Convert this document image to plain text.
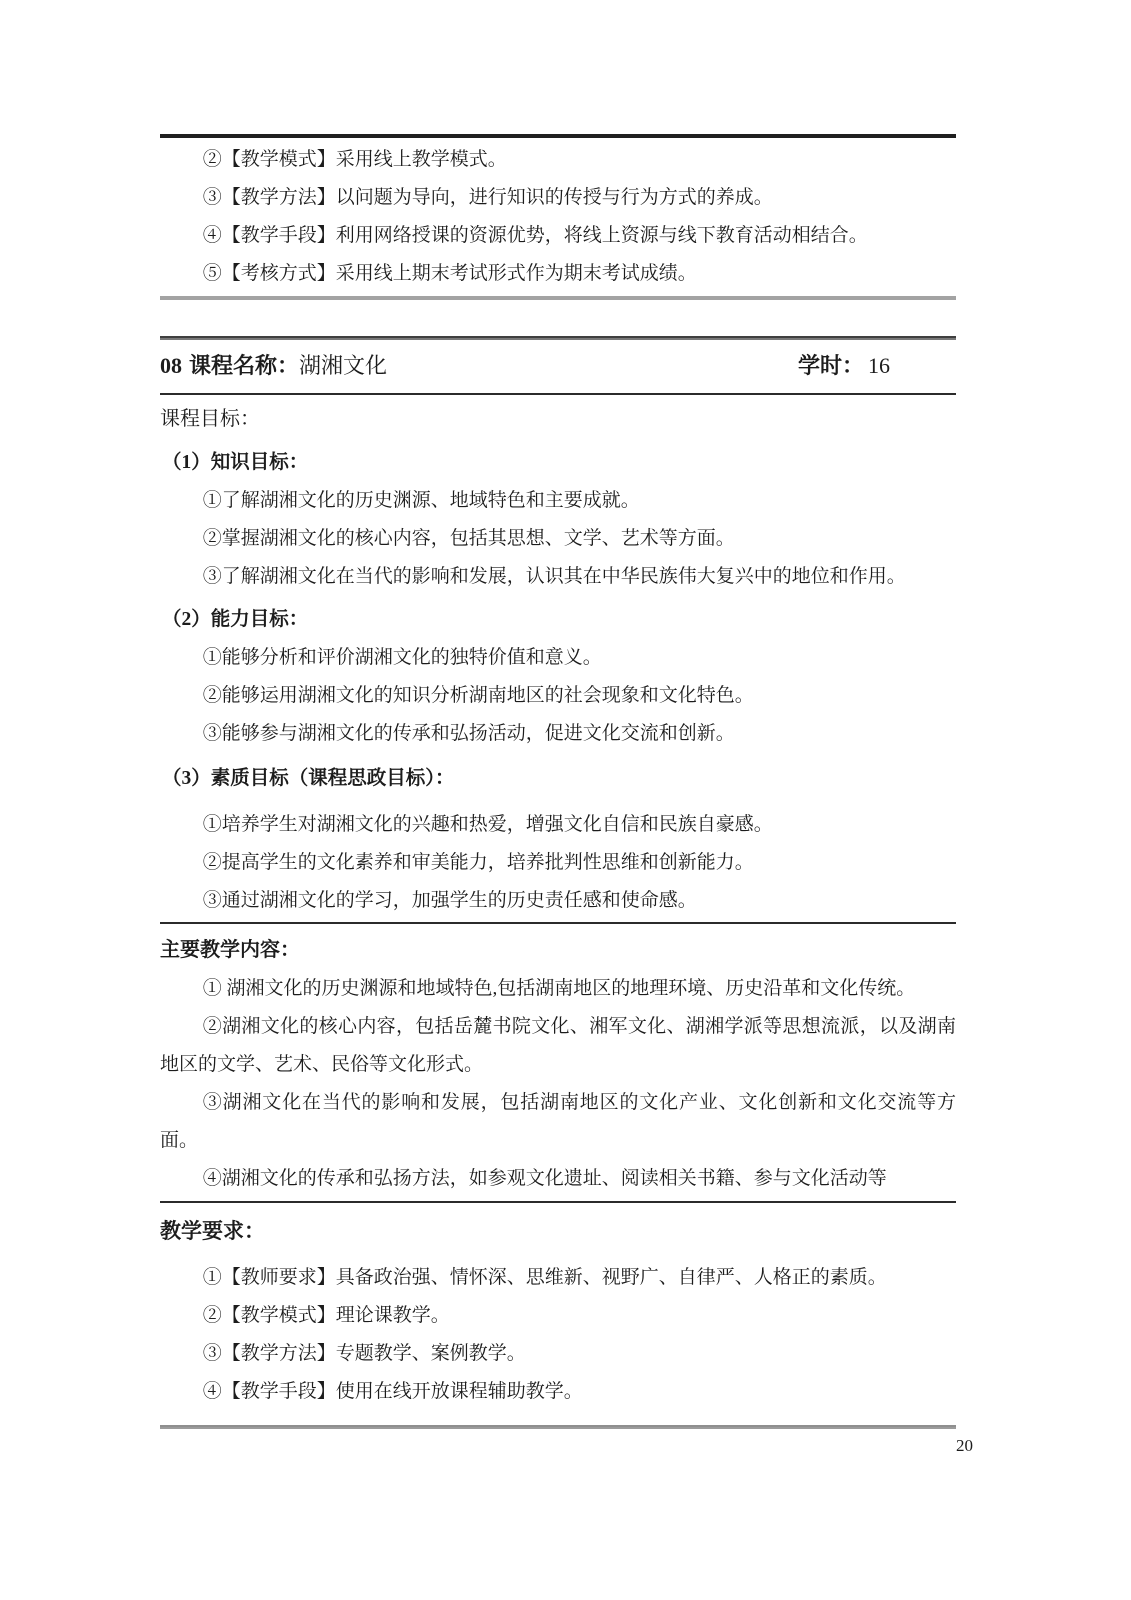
②【教学模式】采用线上教学模式。

③【教学方法】以问题为导向，进行知识的传授与行为方式的养成。

④【教学手段】利用网络授课的资源优势，将线上资源与线下教育活动相结合。

⑤【考核方式】采用线上期末考试形式作为期末考试成绩。

08 课程名称：湖湘文化	学时： 16

课程目标：

（1）知识目标：

①了解湖湘文化的历史渊源、地域特色和主要成就。

②掌握湖湘文化的核心内容，包括其思想、文学、艺术等方面。

③了解湖湘文化在当代的影响和发展，认识其在中华民族伟大复兴中的地位和作用。

（2）能力目标：

①能够分析和评价湖湘文化的独特价值和意义。

②能够运用湖湘文化的知识分析湖南地区的社会现象和文化特色。

③能够参与湖湘文化的传承和弘扬活动，促进文化交流和创新。

（3）素质目标（课程思政目标）：

①培养学生对湖湘文化的兴趣和热爱，增强文化自信和民族自豪感。

②提高学生的文化素养和审美能力，培养批判性思维和创新能力。

③通过湖湘文化的学习，加强学生的历史责任感和使命感。

主要教学内容：

① 湖湘文化的历史渊源和地域特色,包括湖南地区的地理环境、历史沿革和文化传统。

②湖湘文化的核心内容，包括岳麓书院文化、湘军文化、湖湘学派等思想流派，以及湖南地区的文学、艺术、民俗等文化形式。

③湖湘文化在当代的影响和发展，包括湖南地区的文化产业、文化创新和文化交流等方面。

④湖湘文化的传承和弘扬方法，如参观文化遗址、阅读相关书籍、参与文化活动等

教学要求：

①【教师要求】具备政治强、情怀深、思维新、视野广、自律严、人格正的素质。

②【教学模式】理论课教学。

③【教学方法】专题教学、案例教学。

④【教学手段】使用在线开放课程辅助教学。

20
